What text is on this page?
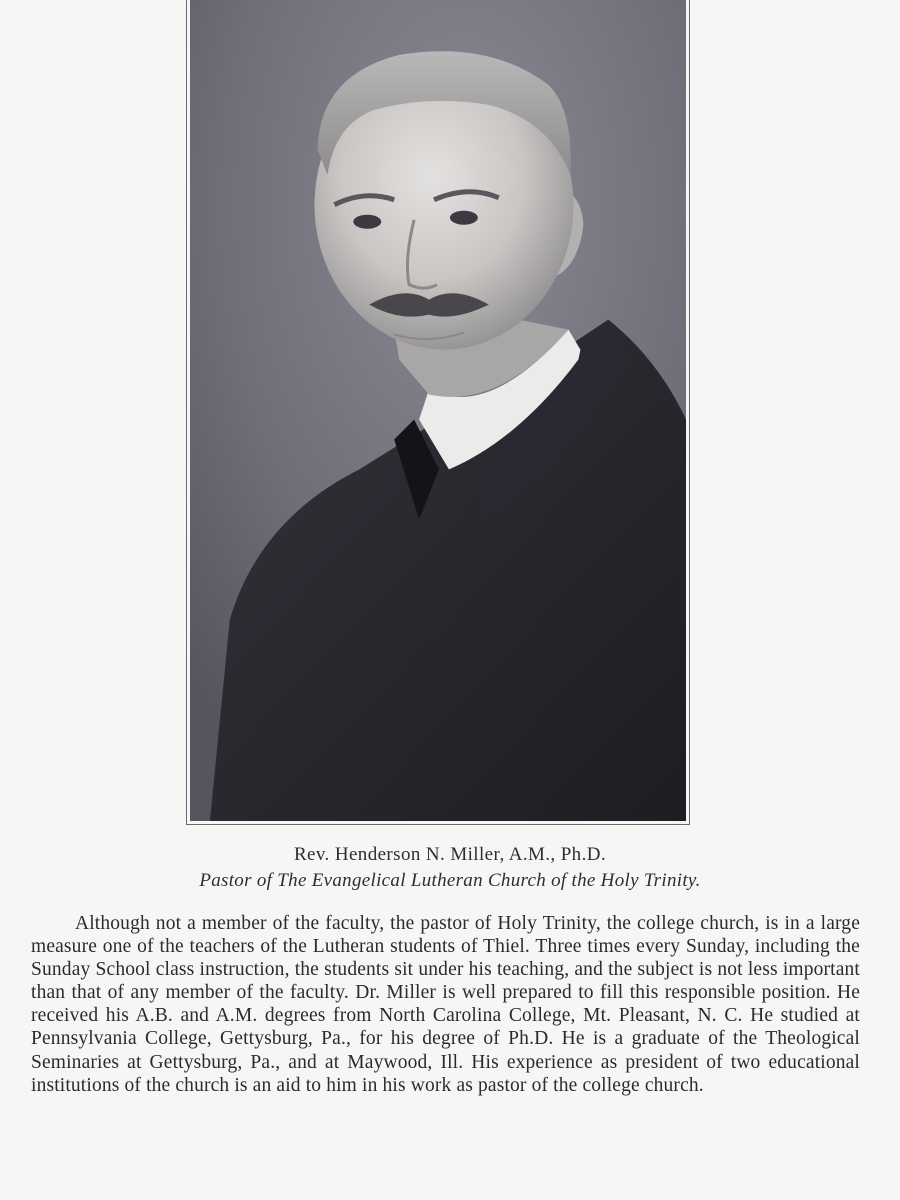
Rev. Henderson N. Miller, A.M., Ph.D.
Pastor of The Evangelical Lutheran Church of the Holy Trinity.

Although not a member of the faculty, the pastor of Holy Trinity, the college church, is in a large measure one of the teachers of the Lutheran students of Thiel. Three times every Sunday, including the Sunday School class instruction, the students sit under his teaching, and the subject is not less important than that of any member of the faculty. Dr. Miller is well prepared to fill this responsible position. He received his A.B. and A.M. degrees from North Carolina College, Mt. Pleasant, N. C. He studied at Pennsylvania College, Gettysburg, Pa., for his degree of Ph.D. He is a graduate of the Theological Seminaries at Gettysburg, Pa., and at Maywood, Ill. His experience as president of two educational institutions of the church is an aid to him in his work as pastor of the college church.
